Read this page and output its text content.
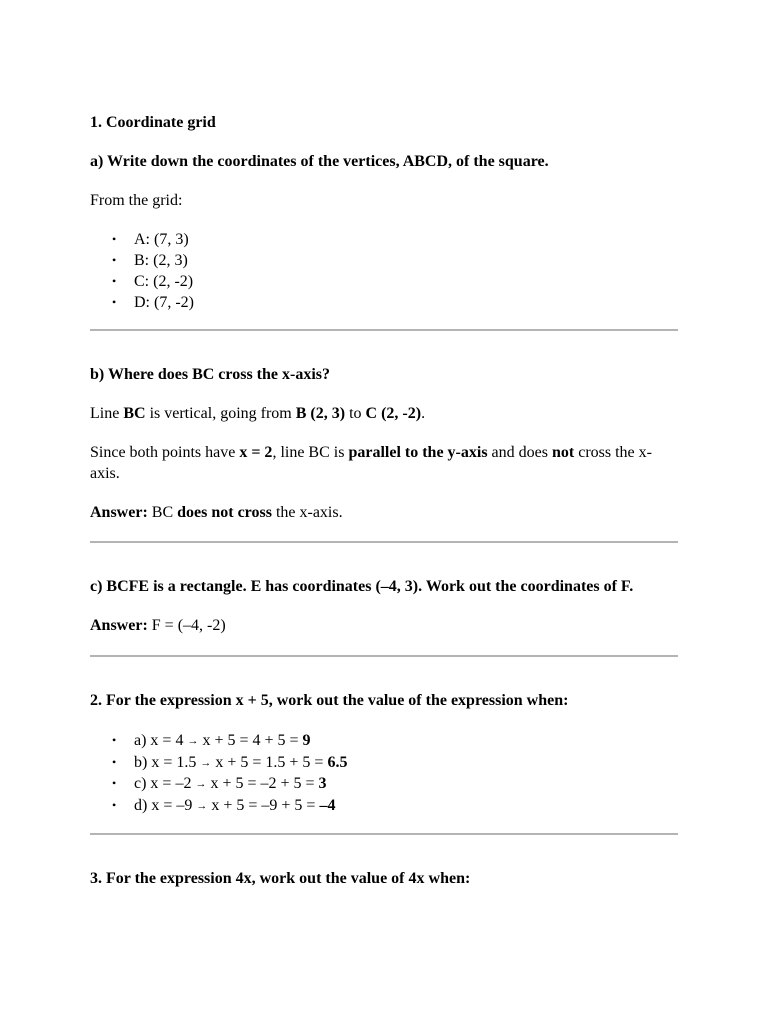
1. Coordinate grid
a) Write down the coordinates of the vertices, ABCD, of the square.

From the grid:

• A: (7, 3)
• B: (2, 3)
• C: (2, -2)
• D: (7, -2)
b) Where does BC cross the x-axis?

Line BC is vertical, going from B (2, 3) to C (2, -2).

Since both points have x = 2, line BC is parallel to the y-axis and does not cross the x-axis.

Answer: BC does not cross the x-axis.

c) BCFE is a rectangle. E has coordinates (–4, 3). Work out the coordinates of F.

Answer: F = (–4, -2)

2. For the expression x + 5, work out the value of the expression when:
• a) x = 4 → x + 5 = 4 + 5 = 9
• b) x = 1.5 → x + 5 = 1.5 + 5 = 6.5
• c) x = –2 → x + 5 = –2 + 5 = 3
• d) x = –9 → x + 5 = –9 + 5 = –4
3. For the expression 4x, work out the value of 4x when:
